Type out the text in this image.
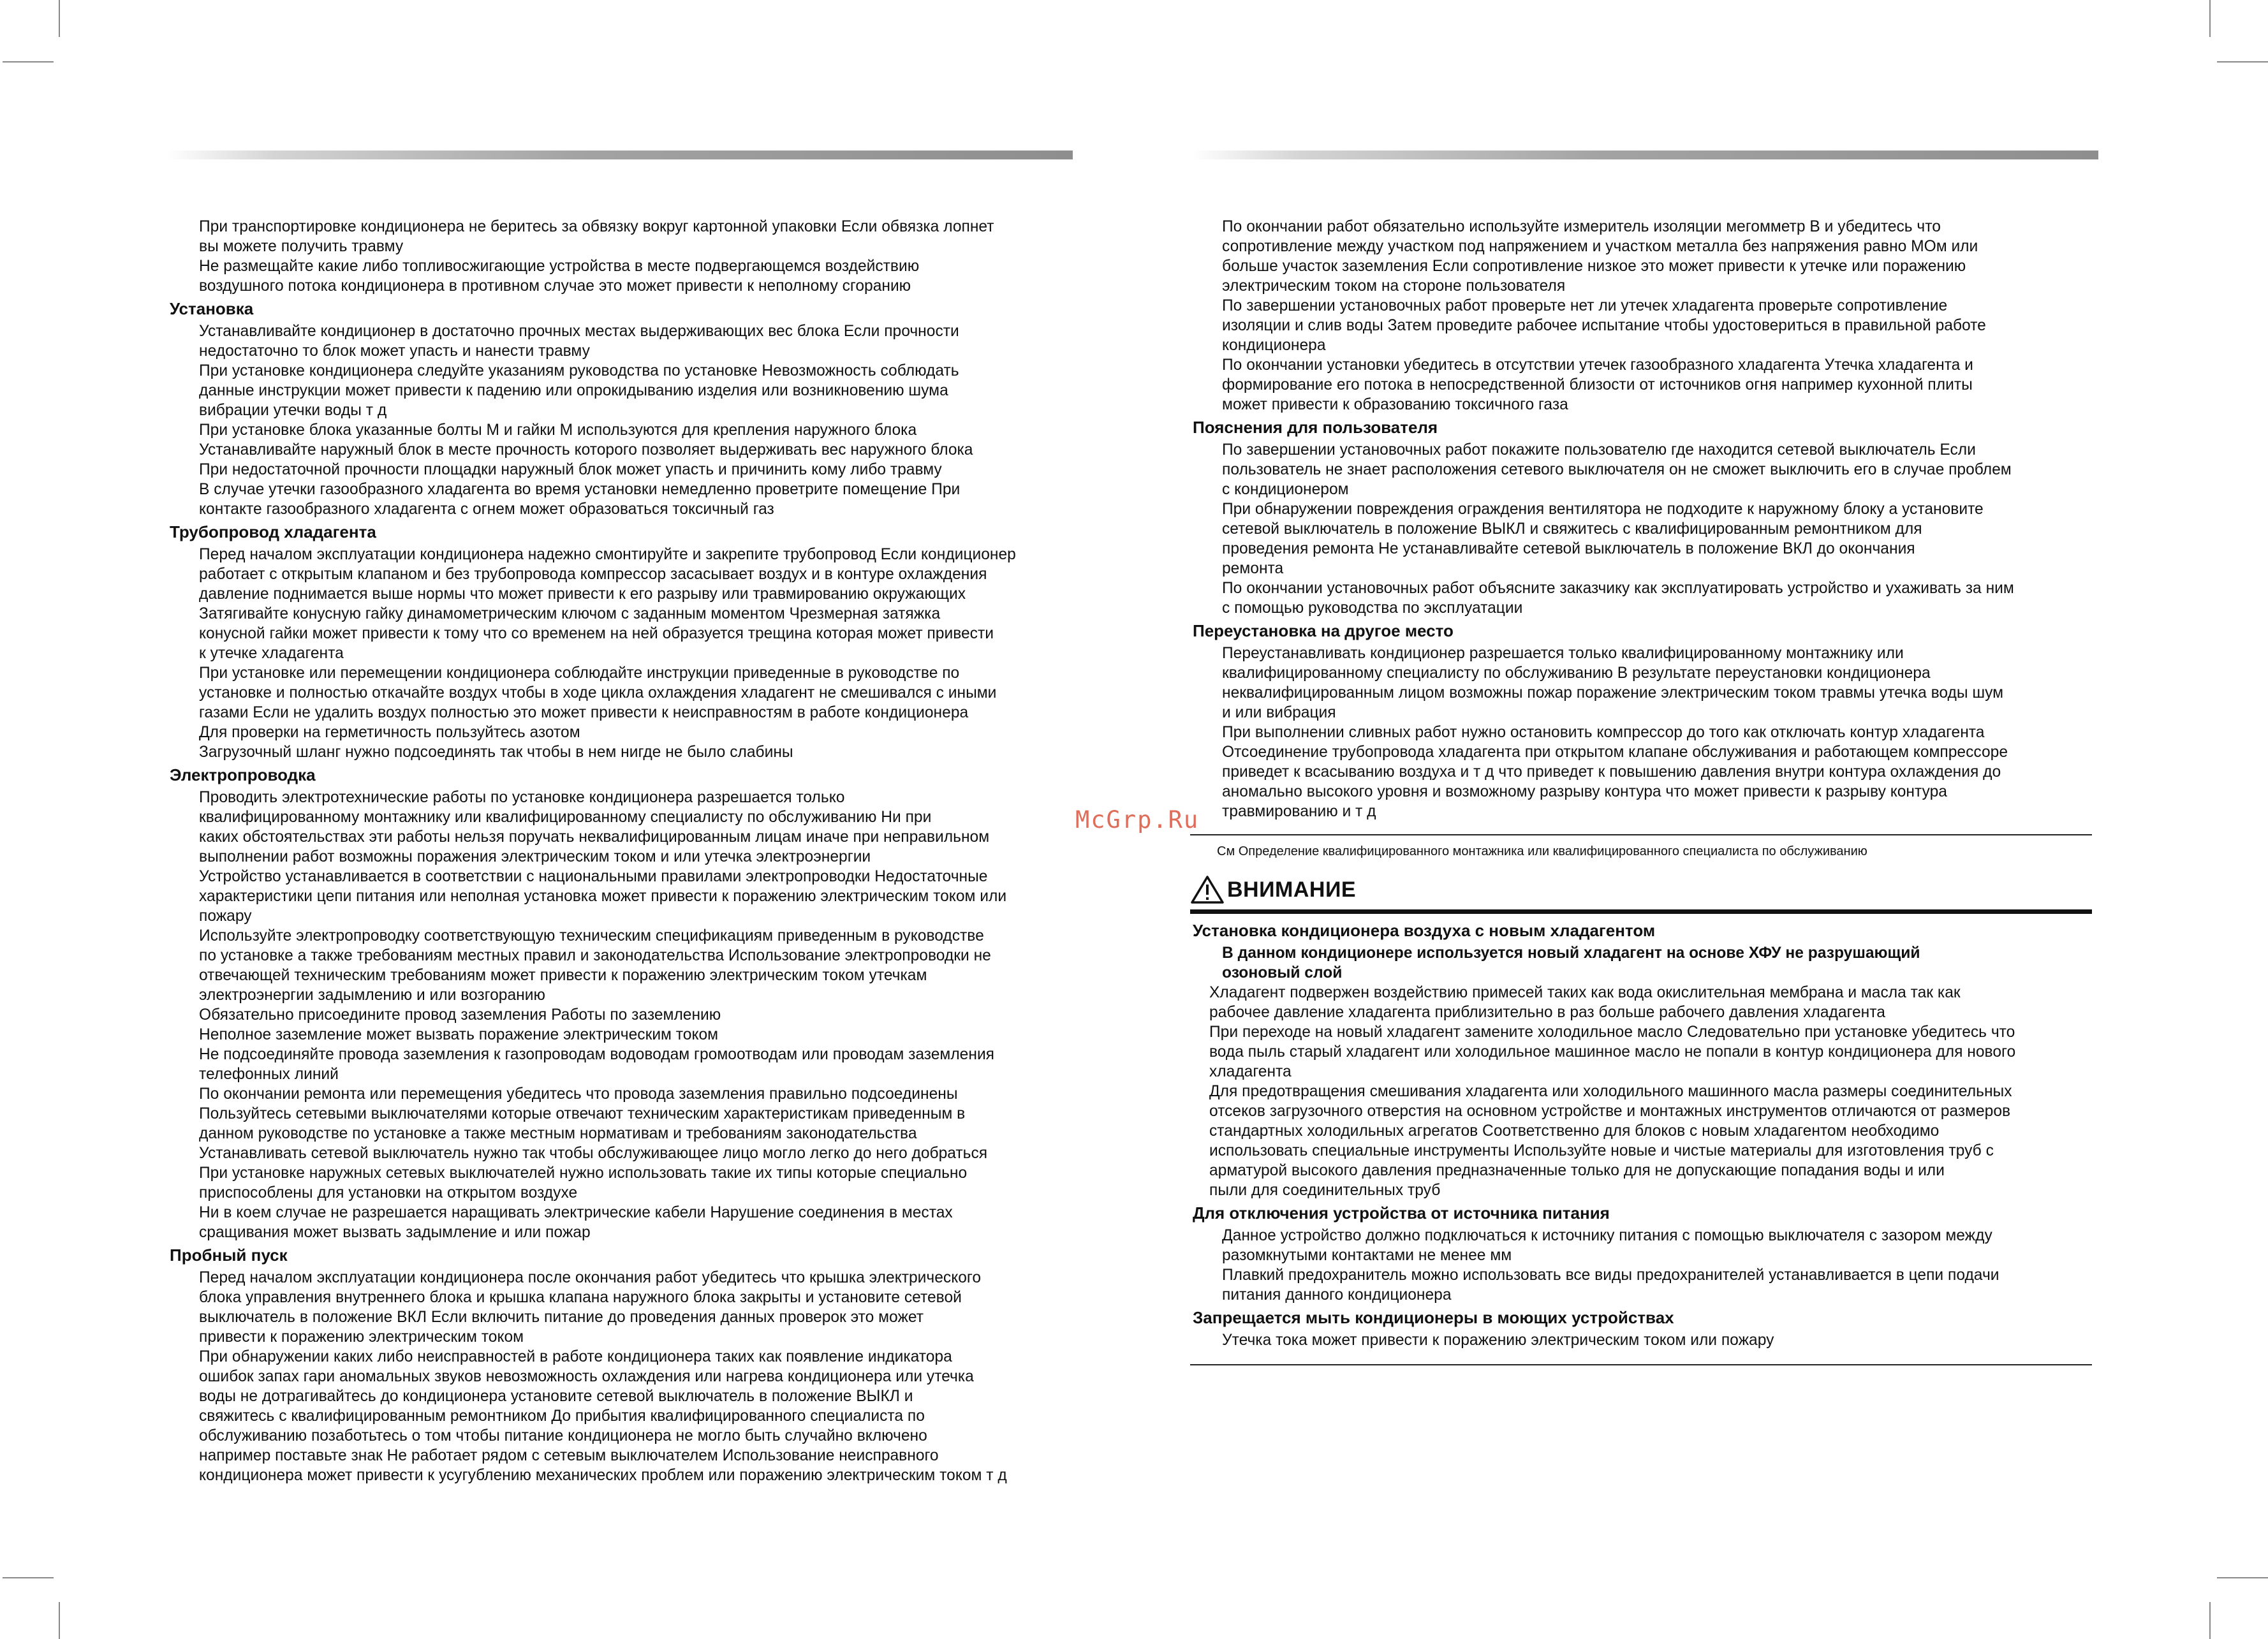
McGrp.Ru

При транспортировке кондиционера не беритесь за обвязку вокруг картонной упаковки Если обвязка лопнет
вы можете получить травму

Не размещайте какие либо топливосжигающие устройства в месте подвергающемся воздействию
воздушного потока кондиционера в противном случае это может привести к неполному сгоранию

Установка

Устанавливайте кондиционер в достаточно прочных местах выдерживающих вес блока Если прочности
недостаточно то блок может упасть и нанести травму

При установке кондиционера следуйте указаниям руководства по установке Невозможность соблюдать
данные инструкции может привести к падению или опрокидыванию изделия или возникновению шума
вибрации утечки воды т д

При установке блока указанные болты М и гайки М используются для крепления наружного блока

Устанавливайте наружный блок в месте прочность которого позволяет выдерживать вес наружного блока

При недостаточной прочности площадки наружный блок может упасть и причинить кому либо травму

В случае утечки газообразного хладагента во время установки немедленно проветрите помещение При
контакте газообразного хладагента с огнем может образоваться токсичный газ

Трубопровод хладагента

Перед началом эксплуатации кондиционера надежно смонтируйте и закрепите трубопровод Если кондиционер
работает с открытым клапаном и без трубопровода компрессор засасывает воздух и в контуре охлаждения
давление поднимается выше нормы что может привести к его разрыву или травмированию окружающих

Затягивайте конусную гайку динамометрическим ключом с заданным моментом Чрезмерная затяжка
конусной гайки может привести к тому что со временем на ней образуется трещина которая может привести
к утечке хладагента

При установке или перемещении кондиционера соблюдайте инструкции приведенные в руководстве по
установке и полностью откачайте воздух чтобы в ходе цикла охлаждения хладагент не смешивался с иными
газами Если не удалить воздух полностью это может привести к неисправностям в работе кондиционера

Для проверки на герметичность пользуйтесь азотом

Загрузочный шланг нужно подсоединять так чтобы в нем нигде не было слабины

Электропроводка

Проводить электротехнические работы по установке кондиционера разрешается только
квалифицированному монтажнику или квалифицированному специалисту по обслуживанию Ни при
каких обстоятельствах эти работы нельзя поручать неквалифицированным лицам иначе при неправильном
выполнении работ возможны поражения электрическим током и или утечка электроэнергии

Устройство устанавливается в соответствии с национальными правилами электропроводки Недостаточные
характеристики цепи питания или неполная установка может привести к поражению электрическим током или
пожару

Используйте электропроводку соответствующую техническим спецификациям приведенным в руководстве
по установке а также требованиям местных правил и законодательства Использование электропроводки не
отвечающей техническим требованиям может привести к поражению электрическим током утечкам
электроэнергии задымлению и или возгоранию

Обязательно присоедините провод заземления Работы по заземлению

Неполное заземление может вызвать поражение электрическим током

Не подсоединяйте провода заземления к газопроводам водоводам громоотводам или проводам заземления
телефонных линий

По окончании ремонта или перемещения убедитесь что провода заземления правильно подсоединены

Пользуйтесь сетевыми выключателями которые отвечают техническим характеристикам приведенным в
данном руководстве по установке а также местным нормативам и требованиям законодательства

Устанавливать сетевой выключатель нужно так чтобы обслуживающее лицо могло легко до него добраться

При установке наружных сетевых выключателей нужно использовать такие их типы которые специально
приспособлены для установки на открытом воздухе

Ни в коем случае не разрешается наращивать электрические кабели Нарушение соединения в местах
сращивания может вызвать задымление и или пожар

Пробный пуск

Перед началом эксплуатации кондиционера после окончания работ убедитесь что крышка электрического
блока управления внутреннего блока и крышка клапана наружного блока закрыты и установите сетевой
выключатель в положение ВКЛ Если включить питание до проведения данных проверок это может
привести к поражению электрическим током

При обнаружении каких либо неисправностей в работе кондиционера таких как появление индикатора
ошибок запах гари аномальных звуков невозможность охлаждения или нагрева кондиционера или утечка
воды не дотрагивайтесь до кондиционера установите сетевой выключатель в положение ВЫКЛ и
свяжитесь с квалифицированным ремонтником До прибытия квалифицированного специалиста по
обслуживанию позаботьтесь о том чтобы питание кондиционера не могло быть случайно включено
например поставьте знак Не работает рядом с сетевым выключателем Использование неисправного
кондиционера может привести к усугублению механических проблем или поражению электрическим током т д

По окончании работ обязательно используйте измеритель изоляции мегомметр В и убедитесь что
сопротивление между участком под напряжением и участком металла без напряжения равно МОм или
больше участок заземления Если сопротивление низкое это может привести к утечке или поражению
электрическим током на стороне пользователя

По завершении установочных работ проверьте нет ли утечек хладагента проверьте сопротивление
изоляции и слив воды Затем проведите рабочее испытание чтобы удостовериться в правильной работе
кондиционера

По окончании установки убедитесь в отсутствии утечек газообразного хладагента Утечка хладагента и
формирование его потока в непосредственной близости от источников огня например кухонной плиты
может привести к образованию токсичного газа

Пояснения для пользователя

По завершении установочных работ покажите пользователю где находится сетевой выключатель Если
пользователь не знает расположения сетевого выключателя он не сможет выключить его в случае проблем
с кондиционером

При обнаружении повреждения ограждения вентилятора не подходите к наружному блоку а установите
сетевой выключатель в положение ВЫКЛ и свяжитесь с квалифицированным ремонтником для
проведения ремонта Не устанавливайте сетевой выключатель в положение ВКЛ до окончания
ремонта

По окончании установочных работ объясните заказчику как эксплуатировать устройство и ухаживать за ним
с помощью руководства по эксплуатации

Переустановка на другое место

Переустанавливать кондиционер разрешается только квалифицированному монтажнику или
квалифицированному специалисту по обслуживанию В результате переустановки кондиционера
неквалифицированным лицом возможны пожар поражение электрическим током травмы утечка воды шум
и или вибрация

При выполнении сливных работ нужно остановить компрессор до того как отключать контур хладагента

Отсоединение трубопровода хладагента при открытом клапане обслуживания и работающем компрессоре
приведет к всасыванию воздуха и т д что приведет к повышению давления внутри контура охлаждения до
аномально высокого уровня и возможному разрыву контура что может привести к разрыву контура
травмированию и т д

См Определение квалифицированного монтажника или квалифицированного специалиста по обслуживанию

ВНИМАНИЕ
Установка кондиционера воздуха с новым хладагентом

В данном кондиционере используется новый хладагент на основе ХФУ не разрушающий
озоновый слой

Хладагент подвержен воздействию примесей таких как вода окислительная мембрана и масла так как
рабочее давление хладагента приблизительно в раз больше рабочего давления хладагента

При переходе на новый хладагент замените холодильное масло Следовательно при установке убедитесь что
вода пыль старый хладагент или холодильное машинное масло не попали в контур кондиционера для нового
хладагента

Для предотвращения смешивания хладагента или холодильного машинного масла размеры соединительных
отсеков загрузочного отверстия на основном устройстве и монтажных инструментов отличаются от размеров
стандартных холодильных агрегатов Соответственно для блоков с новым хладагентом необходимо
использовать специальные инструменты Используйте новые и чистые материалы для изготовления труб с
арматурой высокого давления предназначенные только для не допускающие попадания воды и или
пыли для соединительных труб

Для отключения устройства от источника питания

Данное устройство должно подключаться к источнику питания с помощью выключателя с зазором между
разомкнутыми контактами не менее мм

Плавкий предохранитель можно использовать все виды предохранителей устанавливается в цепи подачи
питания данного кондиционера

Запрещается мыть кондиционеры в моющих устройствах

Утечка тока может привести к поражению электрическим током или пожару
